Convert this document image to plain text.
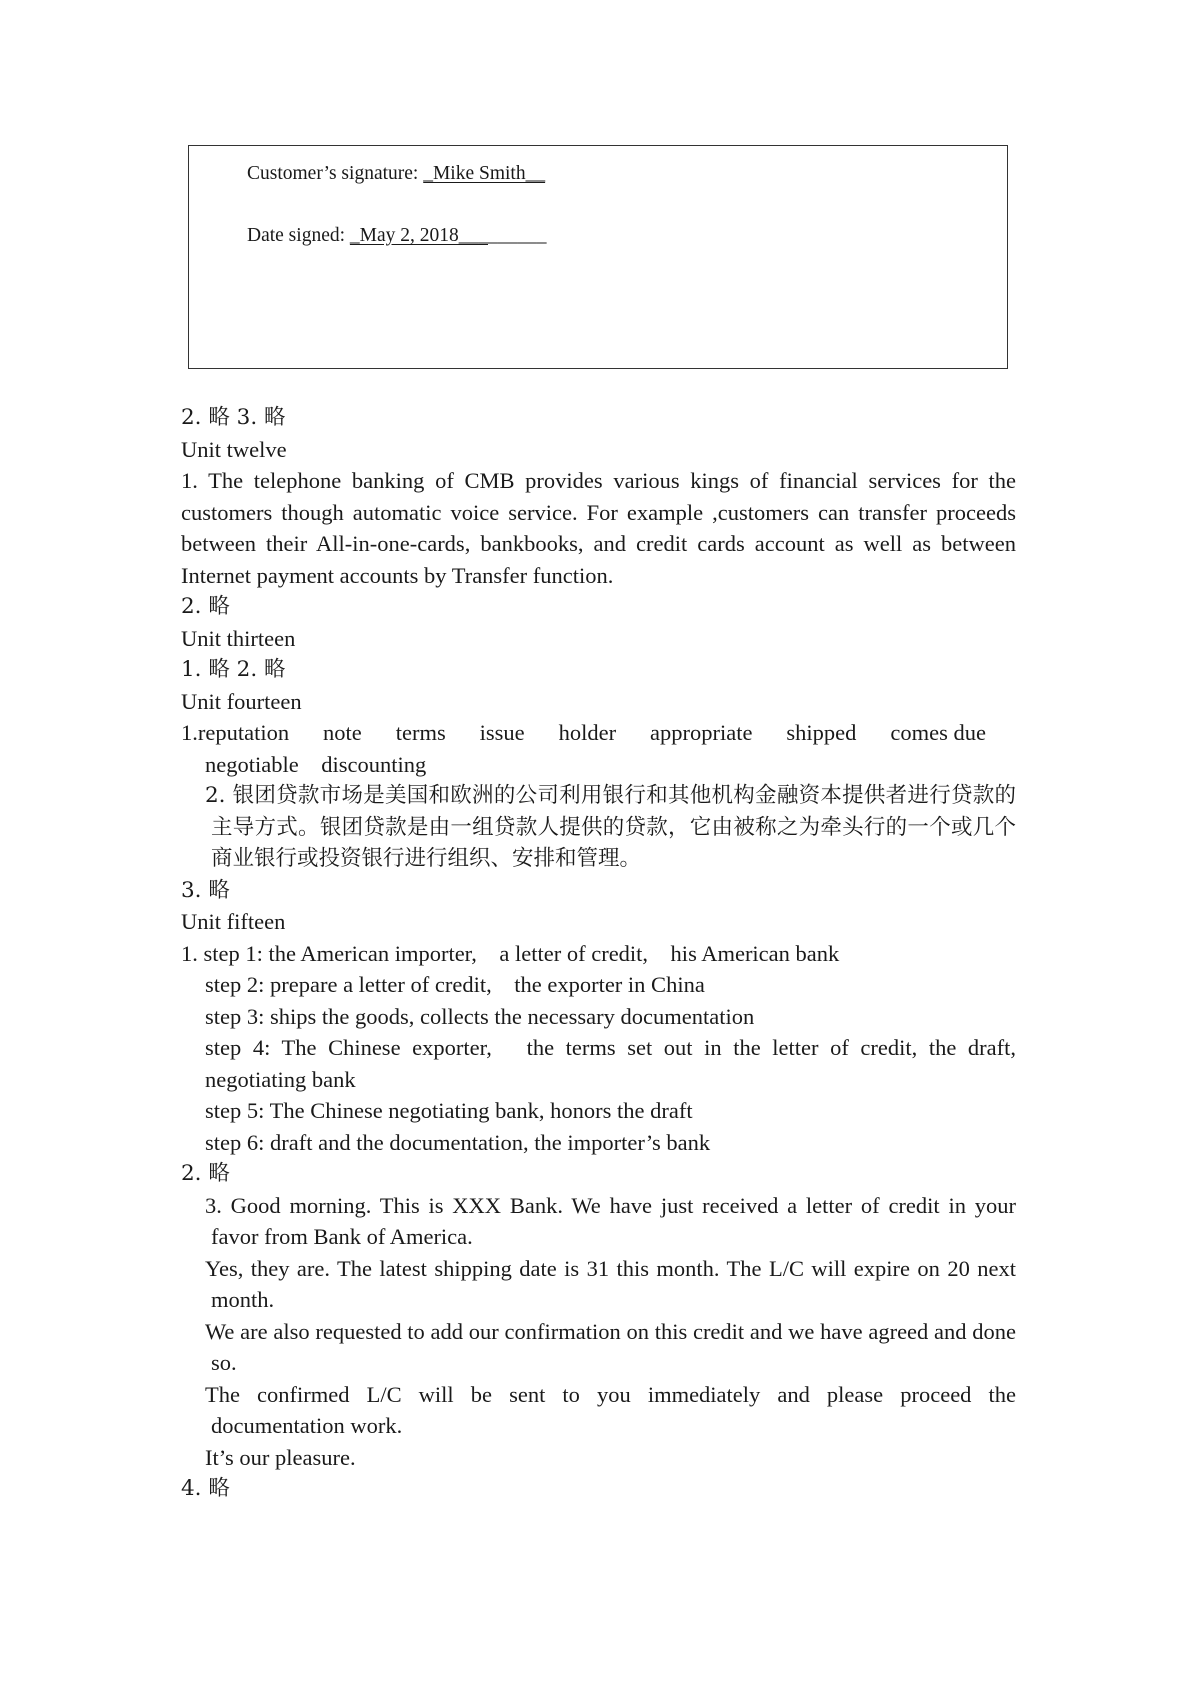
Customer’s signature: _Mike Smith__
Date signed: _May 2, 2018_________

2. 略 3. 略

Unit twelve

1. The telephone banking of CMB provides various kings of financial services for the customers though automatic voice service. For example ,customers can transfer proceeds between their All-in-one-cards, bankbooks, and credit cards account as well as between Internet payment accounts by Transfer function.

2. 略

Unit thirteen

1. 略 2. 略

Unit fourteen

1.reputation note terms issue holder appropriate shipped comes due
negotiable discounting

2. 银团贷款市场是美国和欧洲的公司利用银行和其他机构金融资本提供者进行贷款的主导方式。银团贷款是由一组贷款人提供的贷款，它由被称之为牵头行的一个或几个商业银行或投资银行进行组织、安排和管理。

3. 略

Unit fifteen

1. step 1: the American importer,    a letter of credit,    his American bank

step 2: prepare a letter of credit,    the exporter in China

step 3: ships the goods, collects the necessary documentation

step 4: The Chinese exporter,   the terms set out in the letter of credit, the draft, negotiating bank

step 5: The Chinese negotiating bank, honors the draft

step 6: draft and the documentation, the importer’s bank

2. 略

3. Good morning. This is XXX Bank. We have just received a letter of credit in your favor from Bank of America.

Yes, they are. The latest shipping date is 31 this month. The L/C will expire on 20 next month.

We are also requested to add our confirmation on this credit and we have agreed and done so.

The confirmed L/C will be sent to you immediately and please proceed the documentation work.

It’s our pleasure.

4. 略
